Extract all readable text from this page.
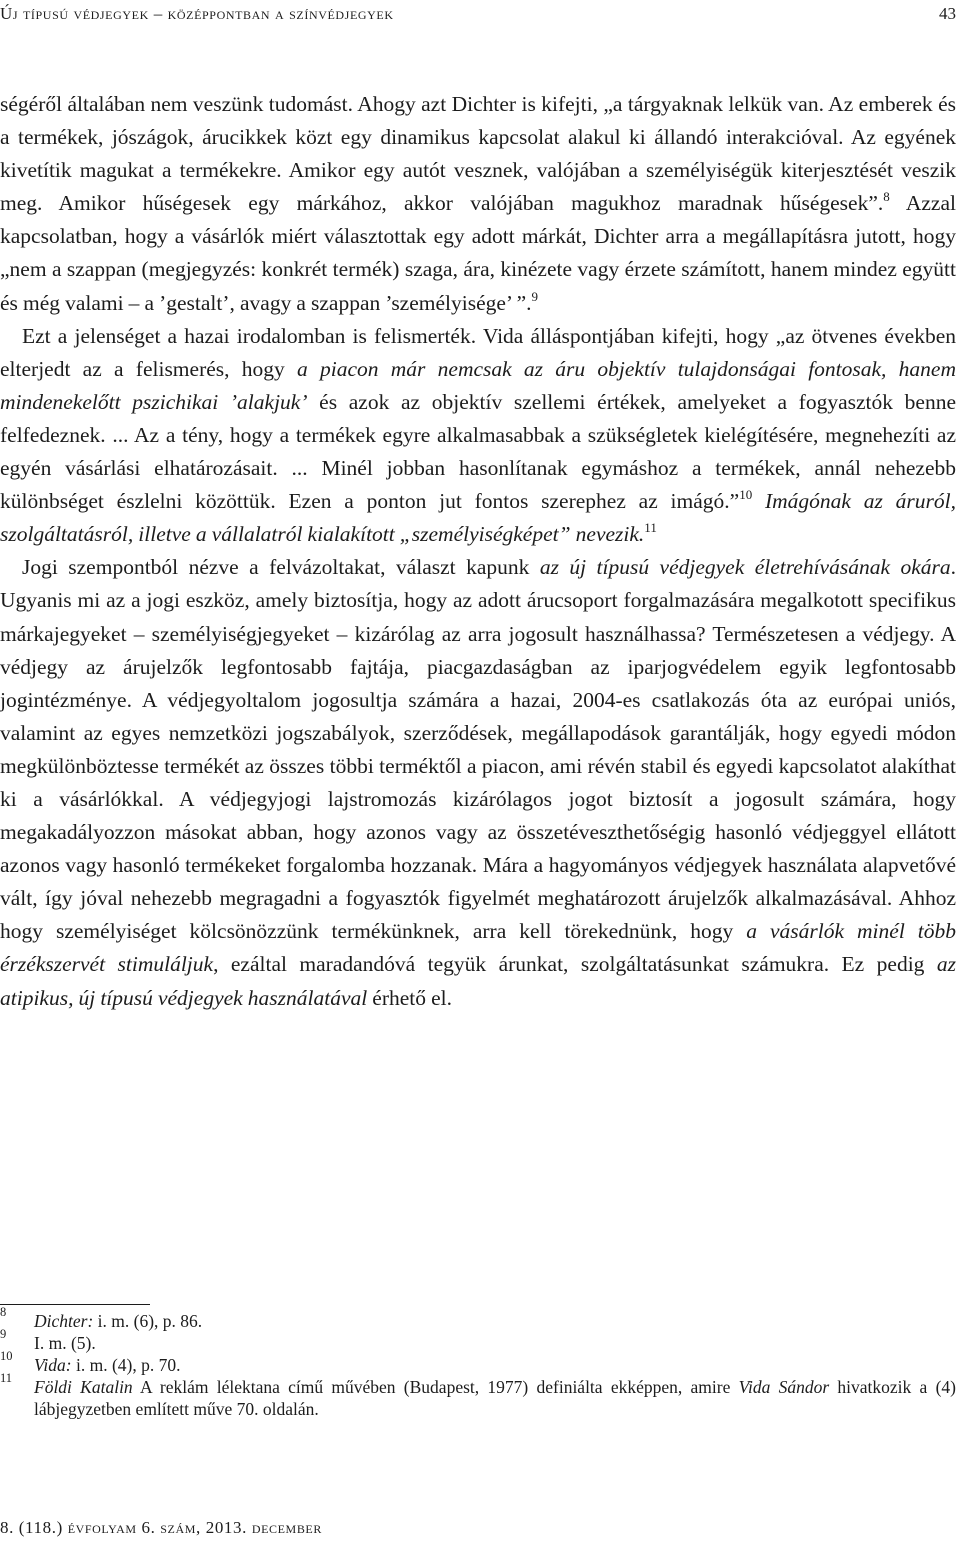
Új típusú védjegyek – középpontban a színvédjegyek	43

ségéről általában nem veszünk tudomást. Ahogy azt Dichter is kifejti, „a tárgyaknak lelkük van. Az emberek és a termékek, jószágok, árucikkek közt egy dinamikus kapcsolat alakul ki állandó interakcióval. Az egyének kivetítik magukat a termékekre. Amikor egy autót vesznek, valójában a személyiségük kiterjesztését veszik meg. Amikor hűségesek egy márkához, akkor valójában magukhoz maradnak hűségesek”.$^8$ Azzal kapcsolatban, hogy a vásárlók miért választottak egy adott márkát, Dichter arra a megállapításra jutott, hogy „nem a szappan (megjegyzés: konkrét termék) szaga, ára, kinézete vagy érzete számított, hanem mindez együtt és még valami – a ’gestalt’, avagy a szappan ’személyisége’ ”.$^9$

Ezt a jelenséget a hazai irodalomban is felismerték. Vida álláspontjában kifejti, hogy „az ötvenes években elterjedt az a felismerés, hogy a piacon már nemcsak az áru objektív tulajdonságai fontosak, hanem mindenekelőtt pszichikai ’alakjuk’ és azok az objektív szellemi értékek, amelyeket a fogyasztók benne felfedeznek. ... Az a tény, hogy a termékek egyre alkalmasabbak a szükségletek kielégítésére, megnehezíti az egyén vásárlási elhatározásait. ... Minél jobban hasonlítanak egymáshoz a termékek, annál nehezebb különbséget észlelni közöttük. Ezen a ponton jut fontos szerephez az imágó.”$^{10}$ Imágónak az áruról, szolgáltatásról, illetve a vállalatról kialakított „személyiségképet” nevezik.$^{11}$

Jogi szempontból nézve a felvázoltakat, választ kapunk az új típusú védjegyek életrehívásának okára. Ugyanis mi az a jogi eszköz, amely biztosítja, hogy az adott árucsoport forgalmazására megalkotott specifikus márkajegyeket – személyiségjegyeket – kizárólag az arra jogosult használhassa? Természetesen a védjegy. A védjegy az árujelzők legfontosabb fajtája, piacgazdaságban az iparjogvédelem egyik legfontosabb jogintézménye. A védjegyoltalom jogosultja számára a hazai, 2004-es csatlakozás óta az európai uniós, valamint az egyes nemzetközi jogszabályok, szerződések, megállapodások garantálják, hogy egyedi módon megkülönböztesse termékét az összes többi terméktől a piacon, ami révén stabil és egyedi kapcsolatot alakíthat ki a vásárlókkal. A védjegyjogi lajstromozás kizárólagos jogot biztosít a jogosult számára, hogy megakadályozzon másokat abban, hogy azonos vagy az összetéveszthetőségig hasonló védjeggyel ellátott azonos vagy hasonló termékeket forgalomba hozzanak. Mára a hagyományos védjegyek használata alapvetővé vált, így jóval nehezebb megragadni a fogyasztók figyelmét meghatározott árujelzők alkalmazásával. Ahhoz hogy személyiséget kölcsönözzünk termékünknek, arra kell törekednünk, hogy a vásárlók minél több érzékszervét stimuláljuk, ezáltal maradandóvá tegyük árunkat, szolgáltatásunkat számukra. Ez pedig az atipikus, új típusú védjegyek használatával érhető el.

8	Dichter: i. m. (6), p. 86.
9	I. m. (5).
10	Vida: i. m. (4), p. 70.
11	Földi Katalin A reklám lélektana című művében (Budapest, 1977) definiálta ekképpen, amire Vida Sándor hivatkozik a (4) lábjegyzetben említett műve 70. oldalán.
8. (118.) évfolyam 6. szám, 2013. december
